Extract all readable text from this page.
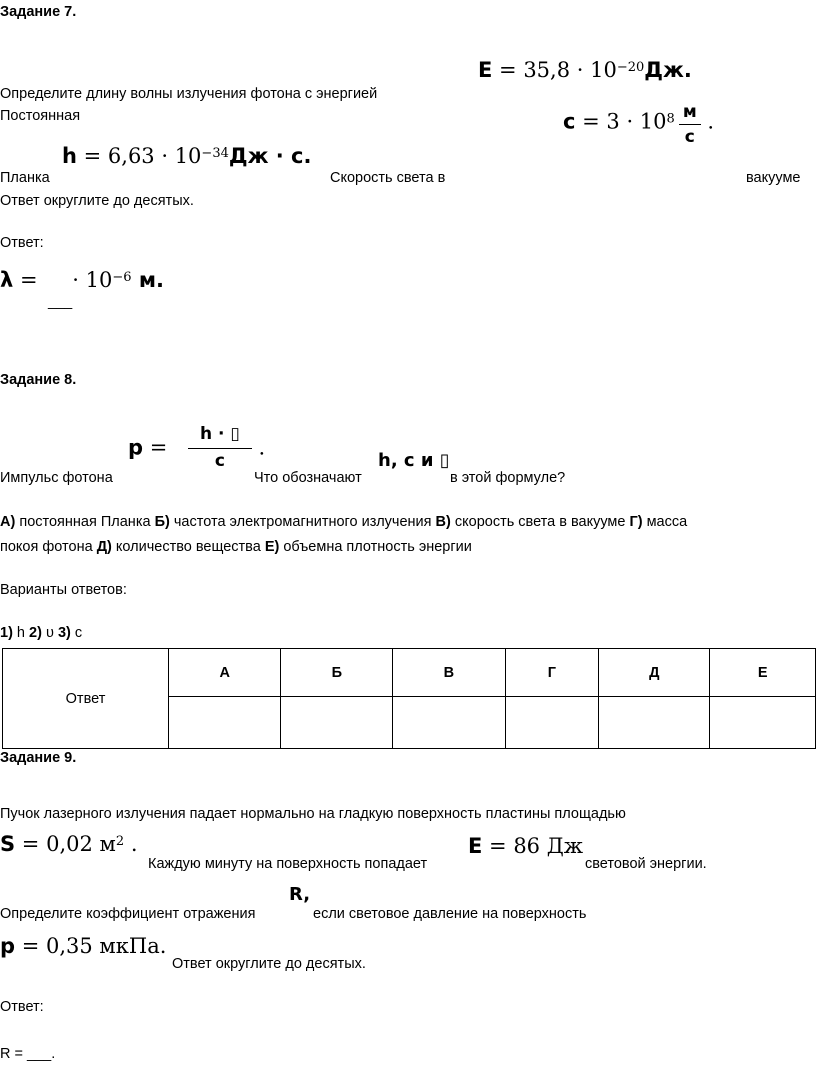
Задание 7.
$E = 35,8 \cdot 10^{-20}Дж$.
Определите длину волны излучения фотона с энергией
Постоянная	$c = 3 \cdot 10^8 \frac{м}{с}$ .
Планка
$h = 6,63 \cdot 10^{-34}Дж \cdot с$.
Скорость света в	вакууме
Ответ округлите до десятых.
Ответ:
λ = · $10^{-6}$ м.
___
Задание 8.
$p = \frac{h \cdot ▯}{c}$ .
Импульс фотона	Что обозначают
h, c и ▯
в этой формуле?
А) постоянная Планка Б) частота электромагнитного излучения В) скорость света в вакууме Г) масса
покоя фотона Д) количество вещества Е) объемна плотность энергии
Варианты ответов:
1) h 2) υ 3) c
Ответ	А	Б	В	Г	Д	Е

Задание 9.
Пучок лазерного излучения падает нормально на гладкую поверхность пластины площадью
S = 0,02 $м^2$ .
Каждую минуту на поверхность попадает
E = 86 Дж
световой энергии.
Определите коэффициент отражения
R,
если световое давление на поверхность
p = 0,35 мкПа.
Ответ округлите до десятых.
Ответ:
R = ___.
